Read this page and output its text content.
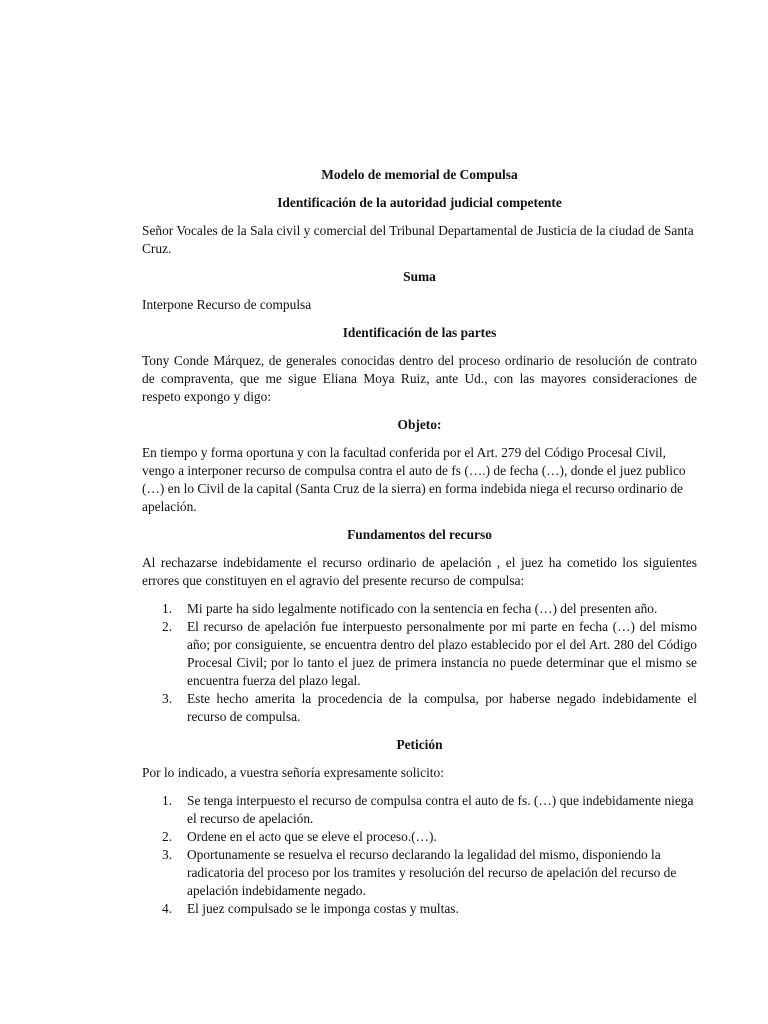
Modelo de memorial de Compulsa
Identificación de la autoridad judicial competente

Señor Vocales de la Sala civil y comercial del Tribunal Departamental de Justicia de la ciudad de Santa Cruz.

Suma

Interpone Recurso de compulsa

Identificación de las partes

Tony Conde Márquez, de generales conocidas dentro del proceso ordinario de resolución de contrato de compraventa, que me sigue Eliana Moya Ruiz, ante Ud., con las mayores consideraciones de respeto expongo y digo:

Objeto:

En tiempo y forma oportuna y con la facultad conferida por el Art. 279 del Código Procesal Civil, vengo a interponer recurso de compulsa contra el auto de fs (….) de fecha (…), donde el juez publico (…) en lo Civil de la capital (Santa Cruz de la sierra) en forma indebida niega el recurso ordinario de apelación.

Fundamentos del recurso

Al rechazarse indebidamente el recurso ordinario de apelación , el juez ha cometido los siguientes errores que constituyen en el agravio del presente recurso de compulsa:

1. Mi parte ha sido legalmente notificado con la sentencia en fecha (…) del presenten año.
2. El recurso de apelación fue interpuesto personalmente por mi parte en fecha (…) del mismo año; por consiguiente, se encuentra dentro del plazo establecido por el del Art. 280 del Código Procesal Civil; por lo tanto el juez de primera instancia no puede determinar que el mismo se encuentra fuerza del plazo legal.
3. Este hecho amerita la procedencia de la compulsa, por haberse negado indebidamente el recurso de compulsa.
Petición

Por lo indicado, a vuestra señoría expresamente solicito:

1. Se tenga interpuesto el recurso de compulsa contra el auto de fs. (…) que indebidamente niega el recurso de apelación.
2. Ordene en el acto que se eleve el proceso.(…).
3. Oportunamente se resuelva el recurso declarando la legalidad del mismo, disponiendo la radicatoria del proceso por los tramites y resolución del recurso de apelación del recurso de apelación indebidamente negado.
4. El juez compulsado se le imponga costas y multas.
